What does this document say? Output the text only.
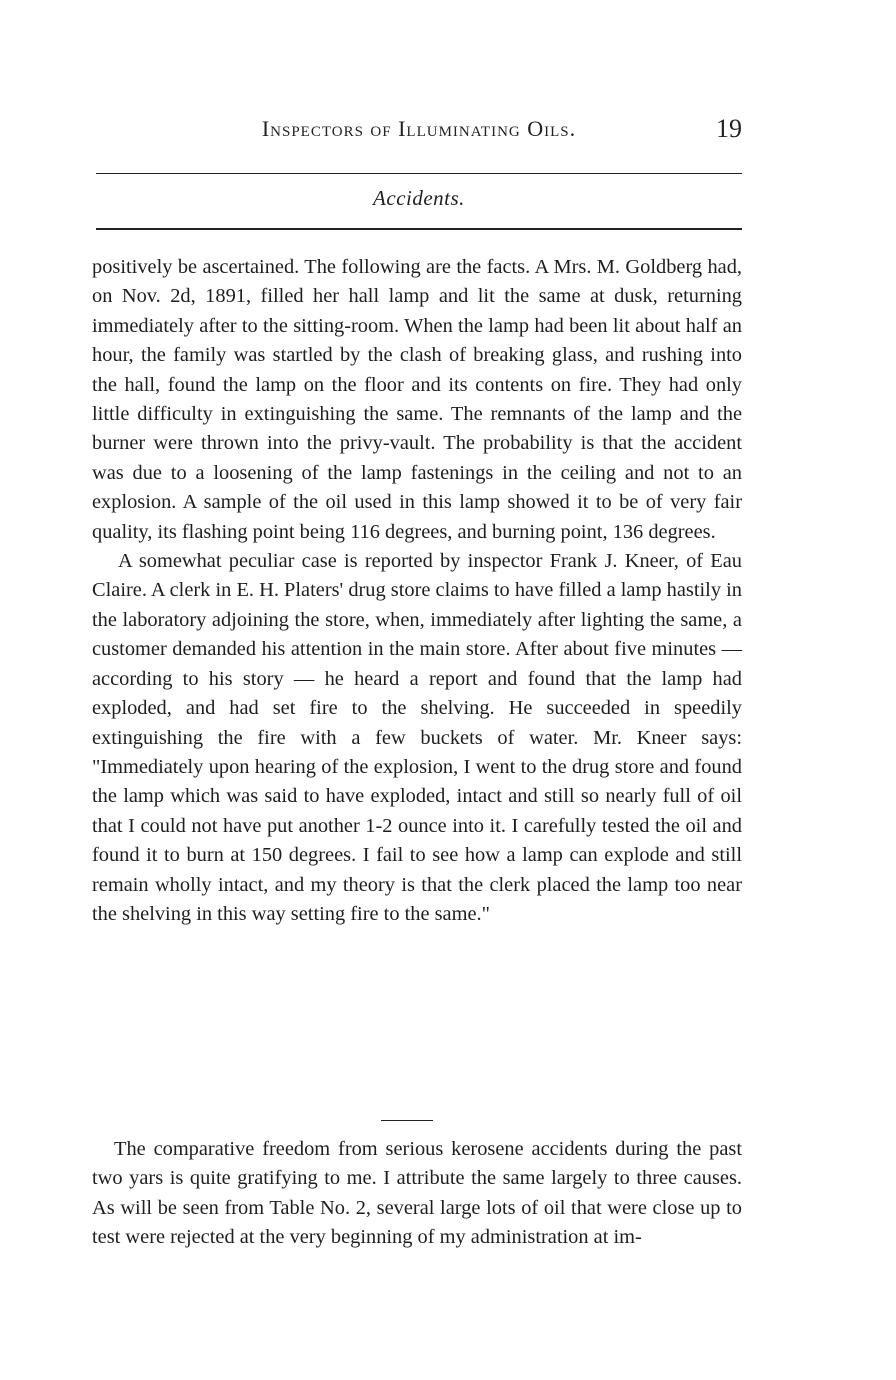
Inspectors of Illuminating Oils.	19
Accidents.

positively be ascertained. The following are the facts. A Mrs. M. Goldberg had, on Nov. 2d, 1891, filled her hall lamp and lit the same at dusk, returning immediately after to the sitting-room. When the lamp had been lit about half an hour, the family was startled by the clash of breaking glass, and rushing into the hall, found the lamp on the floor and its contents on fire. They had only little difficulty in extinguishing the same. The remnants of the lamp and the burner were thrown into the privy-vault. The probability is that the accident was due to a loosening of the lamp fastenings in the ceiling and not to an explosion. A sample of the oil used in this lamp showed it to be of very fair quality, its flashing point being 116 degrees, and burning point, 136 degrees.

A somewhat peculiar case is reported by inspector Frank J. Kneer, of Eau Claire. A clerk in E. H. Platers' drug store claims to have filled a lamp hastily in the laboratory adjoining the store, when, immediately after lighting the same, a customer demanded his attention in the main store. After about five minutes — according to his story — he heard a report and found that the lamp had exploded, and had set fire to the shelving. He succeeded in speedily extinguishing the fire with a few buckets of water. Mr. Kneer says: "Immediately upon hearing of the explosion, I went to the drug store and found the lamp which was said to have exploded, intact and still so nearly full of oil that I could not have put another 1-2 ounce into it. I carefully tested the oil and found it to burn at 150 degrees. I fail to see how a lamp can explode and still remain wholly intact, and my theory is that the clerk placed the lamp too near the shelving in this way setting fire to the same."

The comparative freedom from serious kerosene accidents during the past two yars is quite gratifying to me. I attribute the same largely to three causes. As will be seen from Table No. 2, several large lots of oil that were close up to test were rejected at the very beginning of my administration at im-
